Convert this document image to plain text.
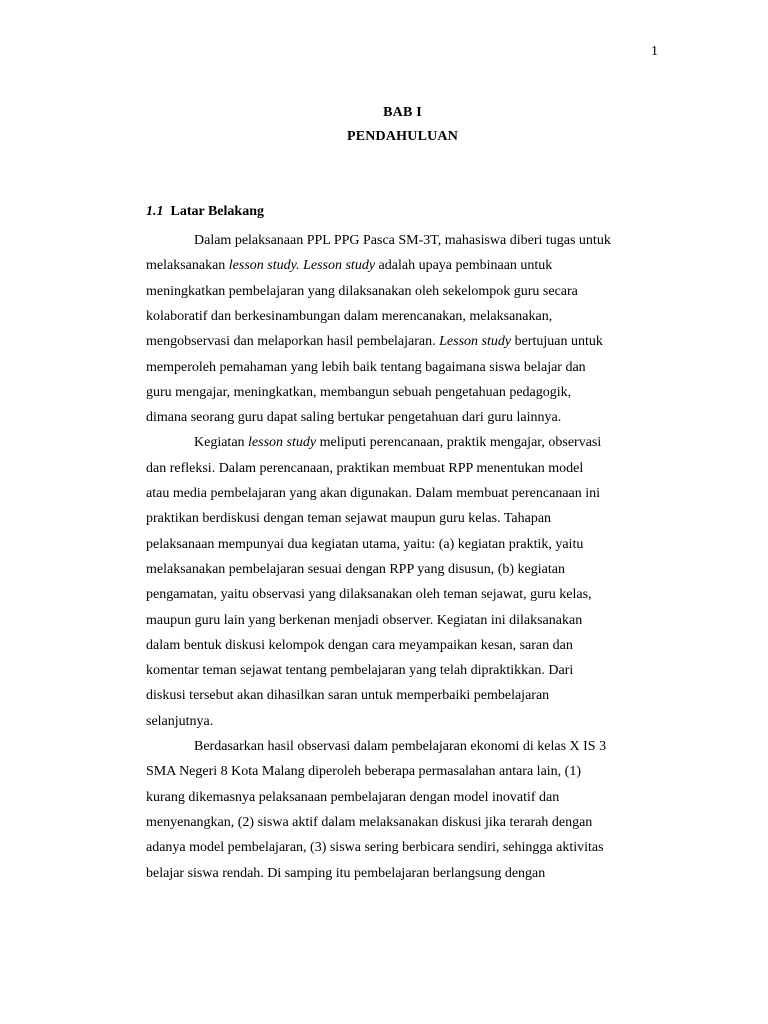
1
BAB I
PENDAHULUAN
1.1 Latar Belakang
Dalam pelaksanaan PPL PPG Pasca SM-3T, mahasiswa diberi tugas untuk
melaksanakan lesson study. Lesson study adalah upaya pembinaan untuk
meningkatkan pembelajaran yang dilaksanakan oleh sekelompok guru secara
kolaboratif dan berkesinambungan dalam merencanakan, melaksanakan,
mengobservasi dan melaporkan hasil pembelajaran. Lesson study bertujuan untuk
memperoleh pemahaman yang lebih baik tentang bagaimana siswa belajar dan
guru mengajar, meningkatkan, membangun sebuah pengetahuan pedagogik,
dimana seorang guru dapat saling bertukar pengetahuan dari guru lainnya.
Kegiatan lesson study meliputi perencanaan, praktik mengajar, observasi
dan refleksi. Dalam perencanaan, praktikan membuat RPP menentukan model
atau media pembelajaran yang akan digunakan. Dalam membuat perencanaan ini
praktikan berdiskusi dengan teman sejawat maupun guru kelas. Tahapan
pelaksanaan mempunyai dua kegiatan utama, yaitu: (a) kegiatan praktik, yaitu
melaksanakan pembelajaran sesuai dengan RPP yang disusun, (b) kegiatan
pengamatan, yaitu observasi yang dilaksanakan oleh teman sejawat, guru kelas,
maupun guru lain yang berkenan menjadi observer. Kegiatan ini dilaksanakan
dalam bentuk diskusi kelompok dengan cara meyampaikan kesan, saran dan
komentar teman sejawat tentang pembelajaran yang telah dipraktikkan. Dari
diskusi tersebut akan dihasilkan saran untuk memperbaiki pembelajaran
selanjutnya.
Berdasarkan hasil observasi dalam pembelajaran ekonomi di kelas X IS 3
SMA Negeri 8 Kota Malang diperoleh beberapa permasalahan antara lain, (1)
kurang dikemasnya pelaksanaan pembelajaran dengan model inovatif dan
menyenangkan, (2) siswa aktif dalam melaksanakan diskusi jika terarah dengan
adanya model pembelajaran, (3) siswa sering berbicara sendiri, sehingga aktivitas
belajar siswa rendah. Di samping itu pembelajaran berlangsung dengan
